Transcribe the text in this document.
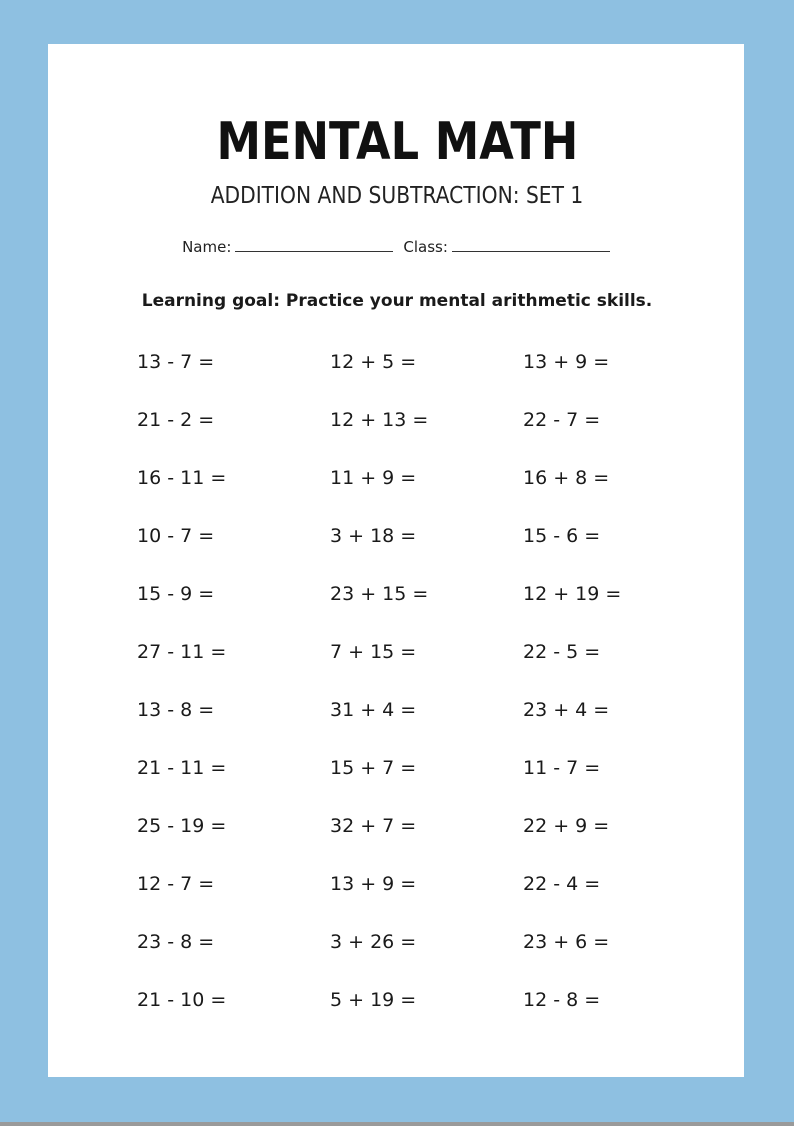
MENTAL MATH
ADDITION AND SUBTRACTION: SET 1
Name:	Class:
Learning goal: Practice your mental arithmetic skills.
13 - 7 =	12 + 5 =	13 + 9 =
21 - 2 =	12 + 13 =	22 - 7 =
16 - 11 =	11 + 9 =	16 + 8 =
10 - 7 =	3 + 18 =	15 - 6 =
15 - 9 =	23 + 15 =	12 + 19 =
27 - 11 =	7 + 15 =	22 - 5 =
13 - 8 =	31 + 4 =	23 + 4 =
21 - 11 =	15 + 7 =	11 - 7 =
25 - 19 =	32 + 7 =	22 + 9 =
12 - 7 =	13 + 9 =	22 - 4 =
23 - 8 =	3 + 26 =	23 + 6 =
21 - 10 =	5 + 19 =	12 - 8 =
